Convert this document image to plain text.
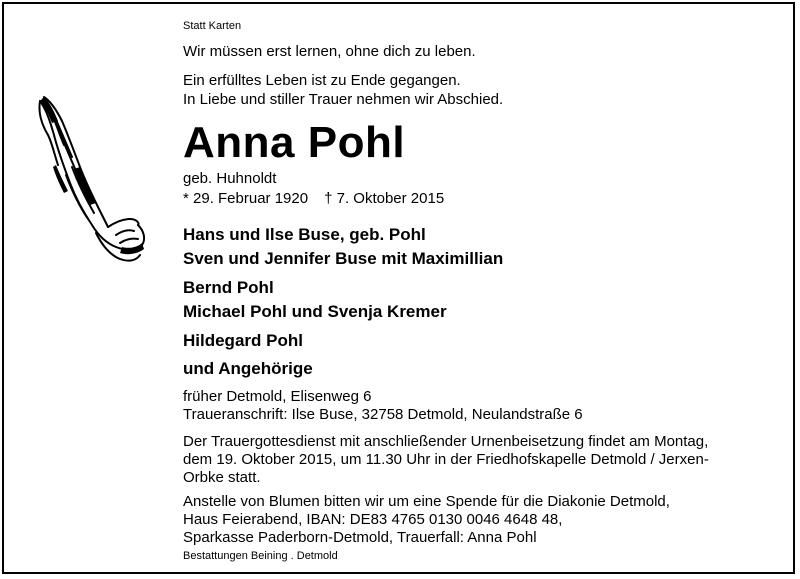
Statt Karten
Wir müssen erst lernen, ohne dich zu leben.
Ein erfülltes Leben ist zu Ende gegangen.
In Liebe und stiller Trauer nehmen wir Abschied.
Anna Pohl
geb. Huhnoldt
* 29. Februar 1920 † 7. Oktober 2015
Hans und Ilse Buse, geb. Pohl
Sven und Jennifer Buse mit Maximillian
Bernd Pohl
Michael Pohl und Svenja Kremer
Hildegard Pohl
und Angehörige
früher Detmold, Elisenweg 6
Traueranschrift: Ilse Buse, 32758 Detmold, Neulandstraße 6
Der Trauergottesdienst mit anschließender Urnenbeisetzung findet am Montag,
dem 19. Oktober 2015, um 11.30 Uhr in der Friedhofskapelle Detmold / Jerxen-
Orbke statt.
Anstelle von Blumen bitten wir um eine Spende für die Diakonie Detmold,
Haus Feierabend, IBAN: DE83 4765 0130 0046 4648 48,
Sparkasse Paderborn-Detmold, Trauerfall: Anna Pohl
Bestattungen Beining . Detmold
